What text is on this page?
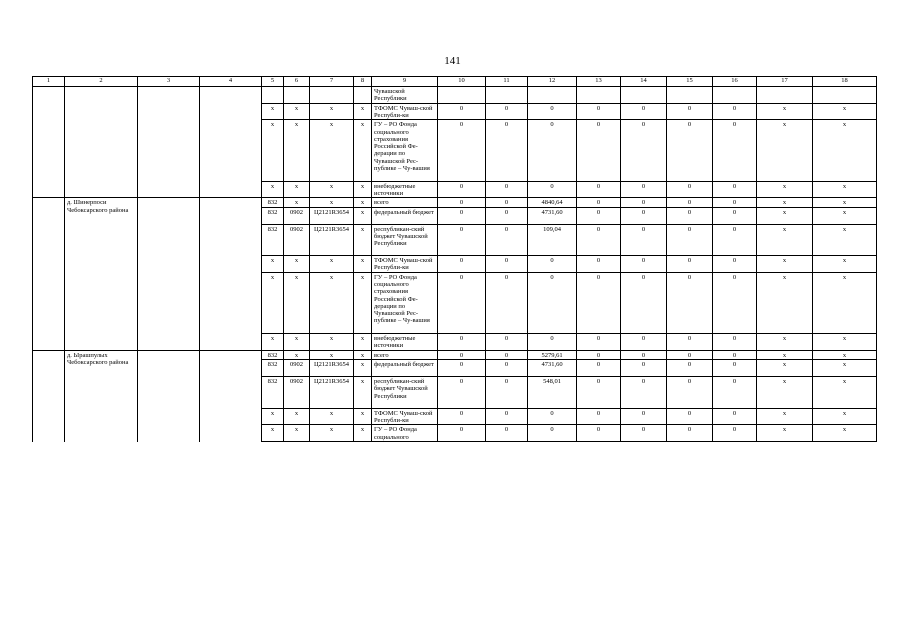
141
1	2	3	4	5	6	7	8	9	10	11	12	13	14	15	16	17	18
								Чувашской Республики									
				x	x	x	x	ТФОМС Чуваш-ской Республи-ки	0	0	0	0	0	0	0	x	x
				x	x	x	x	ГУ – РО Фонда социального страхования Российской Фе-дерации по Чувашской Рес-публике – Чу-вашия	0	0	0	0	0	0	0	x	x
				x	x	x	x	внебюджетные источники	0	0	0	0	0	0	0	x	x
	д. Шинерпоси Чебоксарского района			832	x	x	x	всего	0	0	4840,64	0	0	0	0	x	x
				832	0902	Ц2121R3654	x	федеральный бюджет	0	0	4731,60	0	0	0	0	x	x
				832	0902	Ц2121R3654	x	республикан-ский бюджет Чувашской Республики	0	0	109,04	0	0	0	0	x	x
				x	x	x	x	ТФОМС Чуваш-ской Республи-ки	0	0	0	0	0	0	0	x	x
				x	x	x	x	ГУ – РО Фонда социального страхования Российской Фе-дерации по Чувашской Рес-публике – Чу-вашия	0	0	0	0	0	0	0	x	x
				x	x	x	x	внебюджетные источники	0	0	0	0	0	0	0	x	x
	д. Ырашпулых Чебоксарского района			832	x	x	x	всего	0	0	5279,61	0	0	0	0	x	x
				832	0902	Ц2121R3654	x	федеральный бюджет	0	0	4731,60	0	0	0	0	x	x
				832	0902	Ц2121R3654	x	республикан-ский бюджет Чувашской Республики	0	0	548,01	0	0	0	0	x	x
				x	x	x	x	ТФОМС Чуваш-ской Республи-ки	0	0	0	0	0	0	0	x	x
				x	x	x	x	ГУ – РО Фонда социального	0	0	0	0	0	0	0	x	x
